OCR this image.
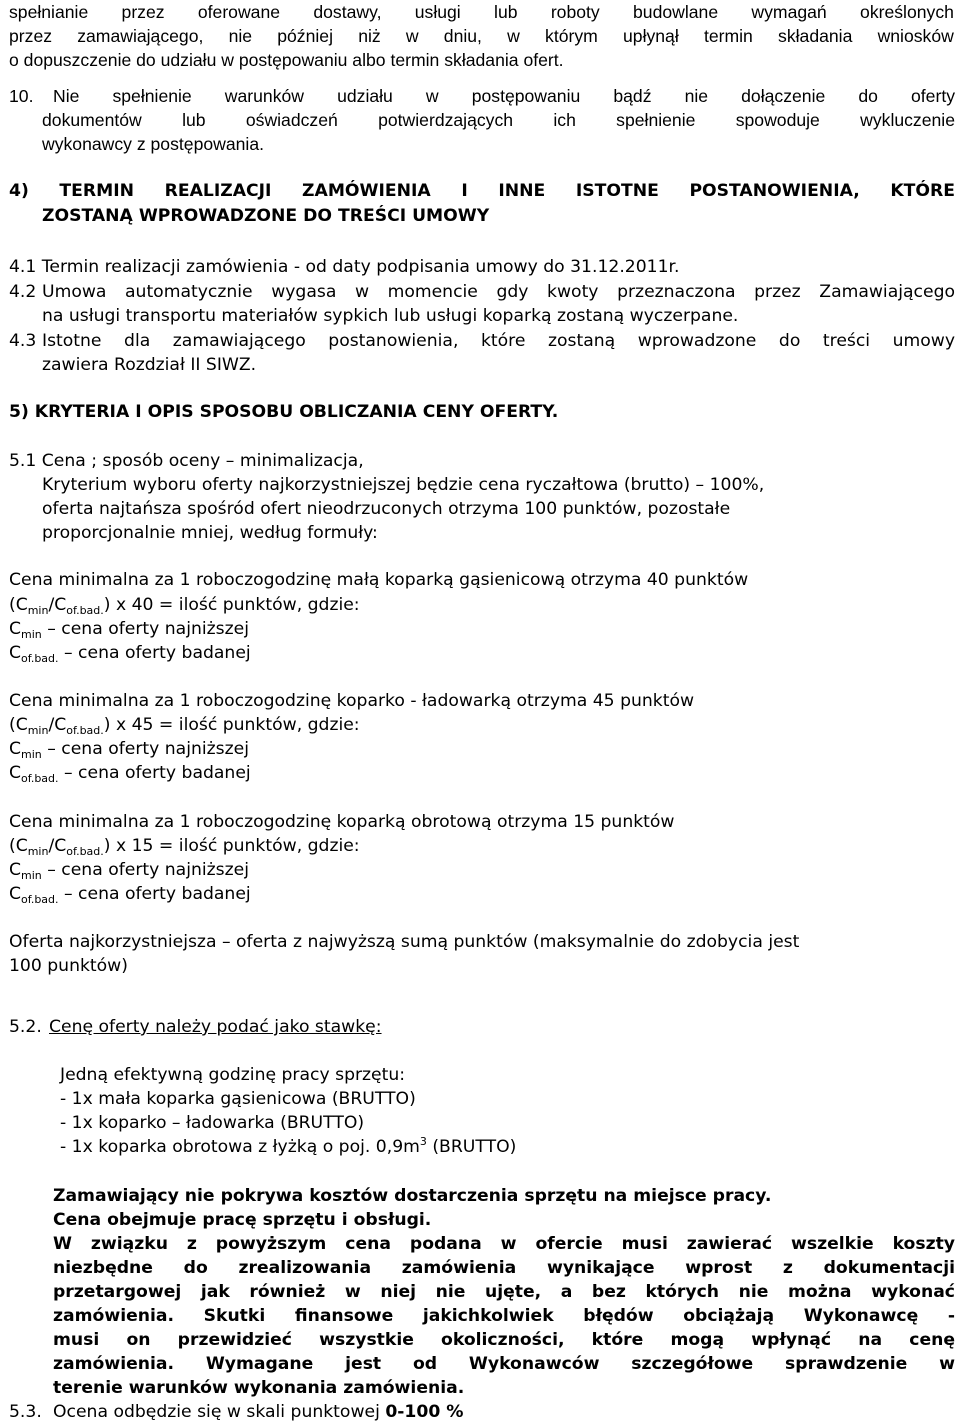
spełnianie przez oferowane dostawy, usługi lub roboty budowlane wymagań określonych
przez zamawiającego, nie później niż w dniu, w którym upłynął termin składania wniosków
o dopuszczenie do udziału w postępowaniu albo termin składania ofert.
10. Nie spełnienie warunków udziału w postępowaniu bądź nie dołączenie do oferty
dokumentów lub oświadczeń potwierdzających ich spełnienie spowoduje wykluczenie
wykonawcy z postępowania.
4) TERMIN REALIZACJI ZAMÓWIENIA I INNE ISTOTNE POSTANOWIENIA, KTÓRE
ZOSTANĄ WPROWADZONE DO TREŚCI UMOWY
4.1 Termin realizacji zamówienia - od daty podpisania umowy do 31.12.2011r.
4.2 Umowa automatycznie wygasa w momencie gdy kwoty przeznaczona przez Zamawiającego
na usługi transportu materiałów sypkich lub usługi koparką zostaną wyczerpane.
4.3 Istotne dla zamawiającego postanowienia, które zostaną wprowadzone do treści umowy
zawiera Rozdział II SIWZ.
5) KRYTERIA I OPIS SPOSOBU OBLICZANIA CENY OFERTY.
5.1 Cena ; sposób oceny – minimalizacja,
Kryterium wyboru oferty najkorzystniejszej będzie cena ryczałtowa (brutto) – 100%,
oferta najtańsza spośród ofert nieodrzuconych otrzyma 100 punktów, pozostałe
proporcjonalnie mniej, według formuły:
Cena minimalna za 1 roboczogodzinę małą koparką gąsienicową otrzyma 40 punktów
$(C_{min}/C_{of.bad.})$ x 40 = ilość punktów, gdzie:
$C_{min}$ – cena oferty najniższej
$C_{of.bad.}$ – cena oferty badanej
Cena minimalna za 1 roboczogodzinę koparko - ładowarką otrzyma 45 punktów
$(C_{min}/C_{of.bad.})$ x 45 = ilość punktów, gdzie:
$C_{min}$ – cena oferty najniższej
$C_{of.bad.}$ – cena oferty badanej
Cena minimalna za 1 roboczogodzinę koparką obrotową otrzyma 15 punktów
$(C_{min}/C_{of.bad.})$ x 15 = ilość punktów, gdzie:
$C_{min}$ – cena oferty najniższej
$C_{of.bad.}$ – cena oferty badanej
Oferta najkorzystniejsza – oferta z najwyższą sumą punktów (maksymalnie do zdobycia jest
100 punktów)
5.2. Cenę oferty należy podać jako stawkę:
Jedną efektywną godzinę pracy sprzętu:
- 1x mała koparka gąsienicowa (BRUTTO)
- 1x koparko – ładowarka (BRUTTO)
- 1x koparka obrotowa z łyżką o poj. $0,9m^3$ (BRUTTO)
Zamawiający nie pokrywa kosztów dostarczenia sprzętu na miejsce pracy.
Cena obejmuje pracę sprzętu i obsługi.
W związku z powyższym cena podana w ofercie musi zawierać wszelkie koszty
niezbędne do zrealizowania zamówienia wynikające wprost z dokumentacji
przetargowej jak również w niej nie ujęte, a bez których nie można wykonać
zamówienia. Skutki finansowe jakichkolwiek błędów obciążają Wykonawcę -
musi on przewidzieć wszystkie okoliczności, które mogą wpłynąć na cenę
zamówienia. Wymagane jest od Wykonawców szczegółowe sprawdzenie w
terenie warunków wykonania zamówienia.
5.3. Ocena odbędzie się w skali punktowej 0-100 %
